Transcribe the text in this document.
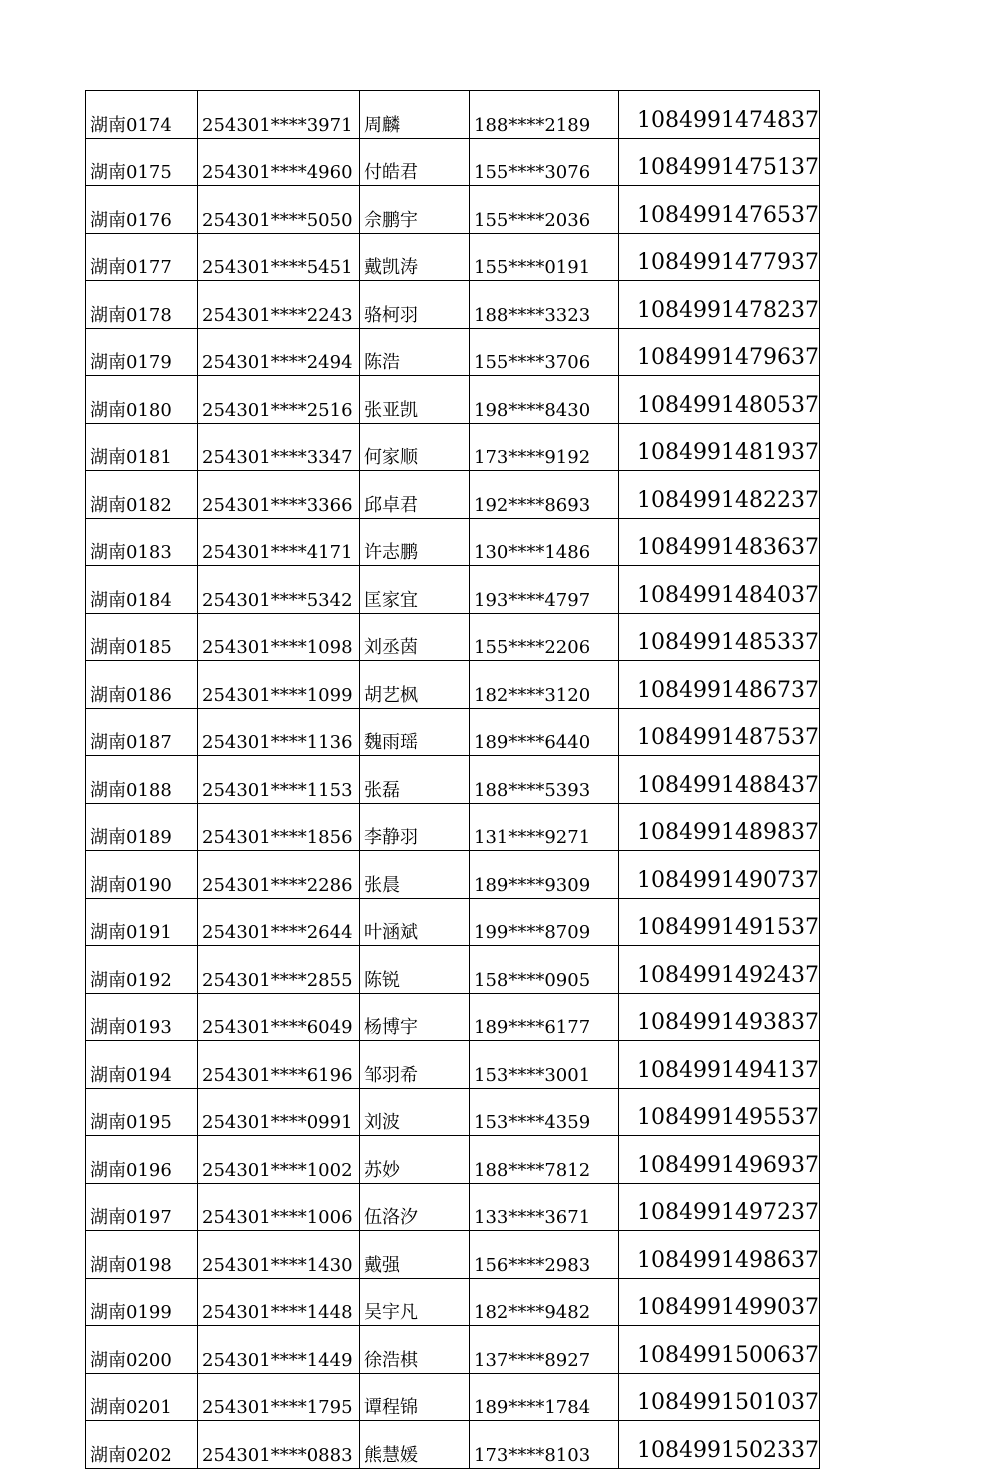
湖南0174	254301****3971	周麟	188****2189	1084991474837
湖南0175	254301****4960	付皓君	155****3076	1084991475137
湖南0176	254301****5050	佘鹏宇	155****2036	1084991476537
湖南0177	254301****5451	戴凯涛	155****0191	1084991477937
湖南0178	254301****2243	骆柯羽	188****3323	1084991478237
湖南0179	254301****2494	陈浩	155****3706	1084991479637
湖南0180	254301****2516	张亚凯	198****8430	1084991480537
湖南0181	254301****3347	何家顺	173****9192	1084991481937
湖南0182	254301****3366	邱卓君	192****8693	1084991482237
湖南0183	254301****4171	许志鹏	130****1486	1084991483637
湖南0184	254301****5342	匡家宜	193****4797	1084991484037
湖南0185	254301****1098	刘丞茵	155****2206	1084991485337
湖南0186	254301****1099	胡艺枫	182****3120	1084991486737
湖南0187	254301****1136	魏雨瑶	189****6440	1084991487537
湖南0188	254301****1153	张磊	188****5393	1084991488437
湖南0189	254301****1856	李静羽	131****9271	1084991489837
湖南0190	254301****2286	张晨	189****9309	1084991490737
湖南0191	254301****2644	叶涵斌	199****8709	1084991491537
湖南0192	254301****2855	陈锐	158****0905	1084991492437
湖南0193	254301****6049	杨博宇	189****6177	1084991493837
湖南0194	254301****6196	邹羽希	153****3001	1084991494137
湖南0195	254301****0991	刘波	153****4359	1084991495537
湖南0196	254301****1002	苏妙	188****7812	1084991496937
湖南0197	254301****1006	伍洛汐	133****3671	1084991497237
湖南0198	254301****1430	戴强	156****2983	1084991498637
湖南0199	254301****1448	吴宇凡	182****9482	1084991499037
湖南0200	254301****1449	徐浩棋	137****8927	1084991500637
湖南0201	254301****1795	谭程锦	189****1784	1084991501037
湖南0202	254301****0883	熊慧媛	173****8103	1084991502337
